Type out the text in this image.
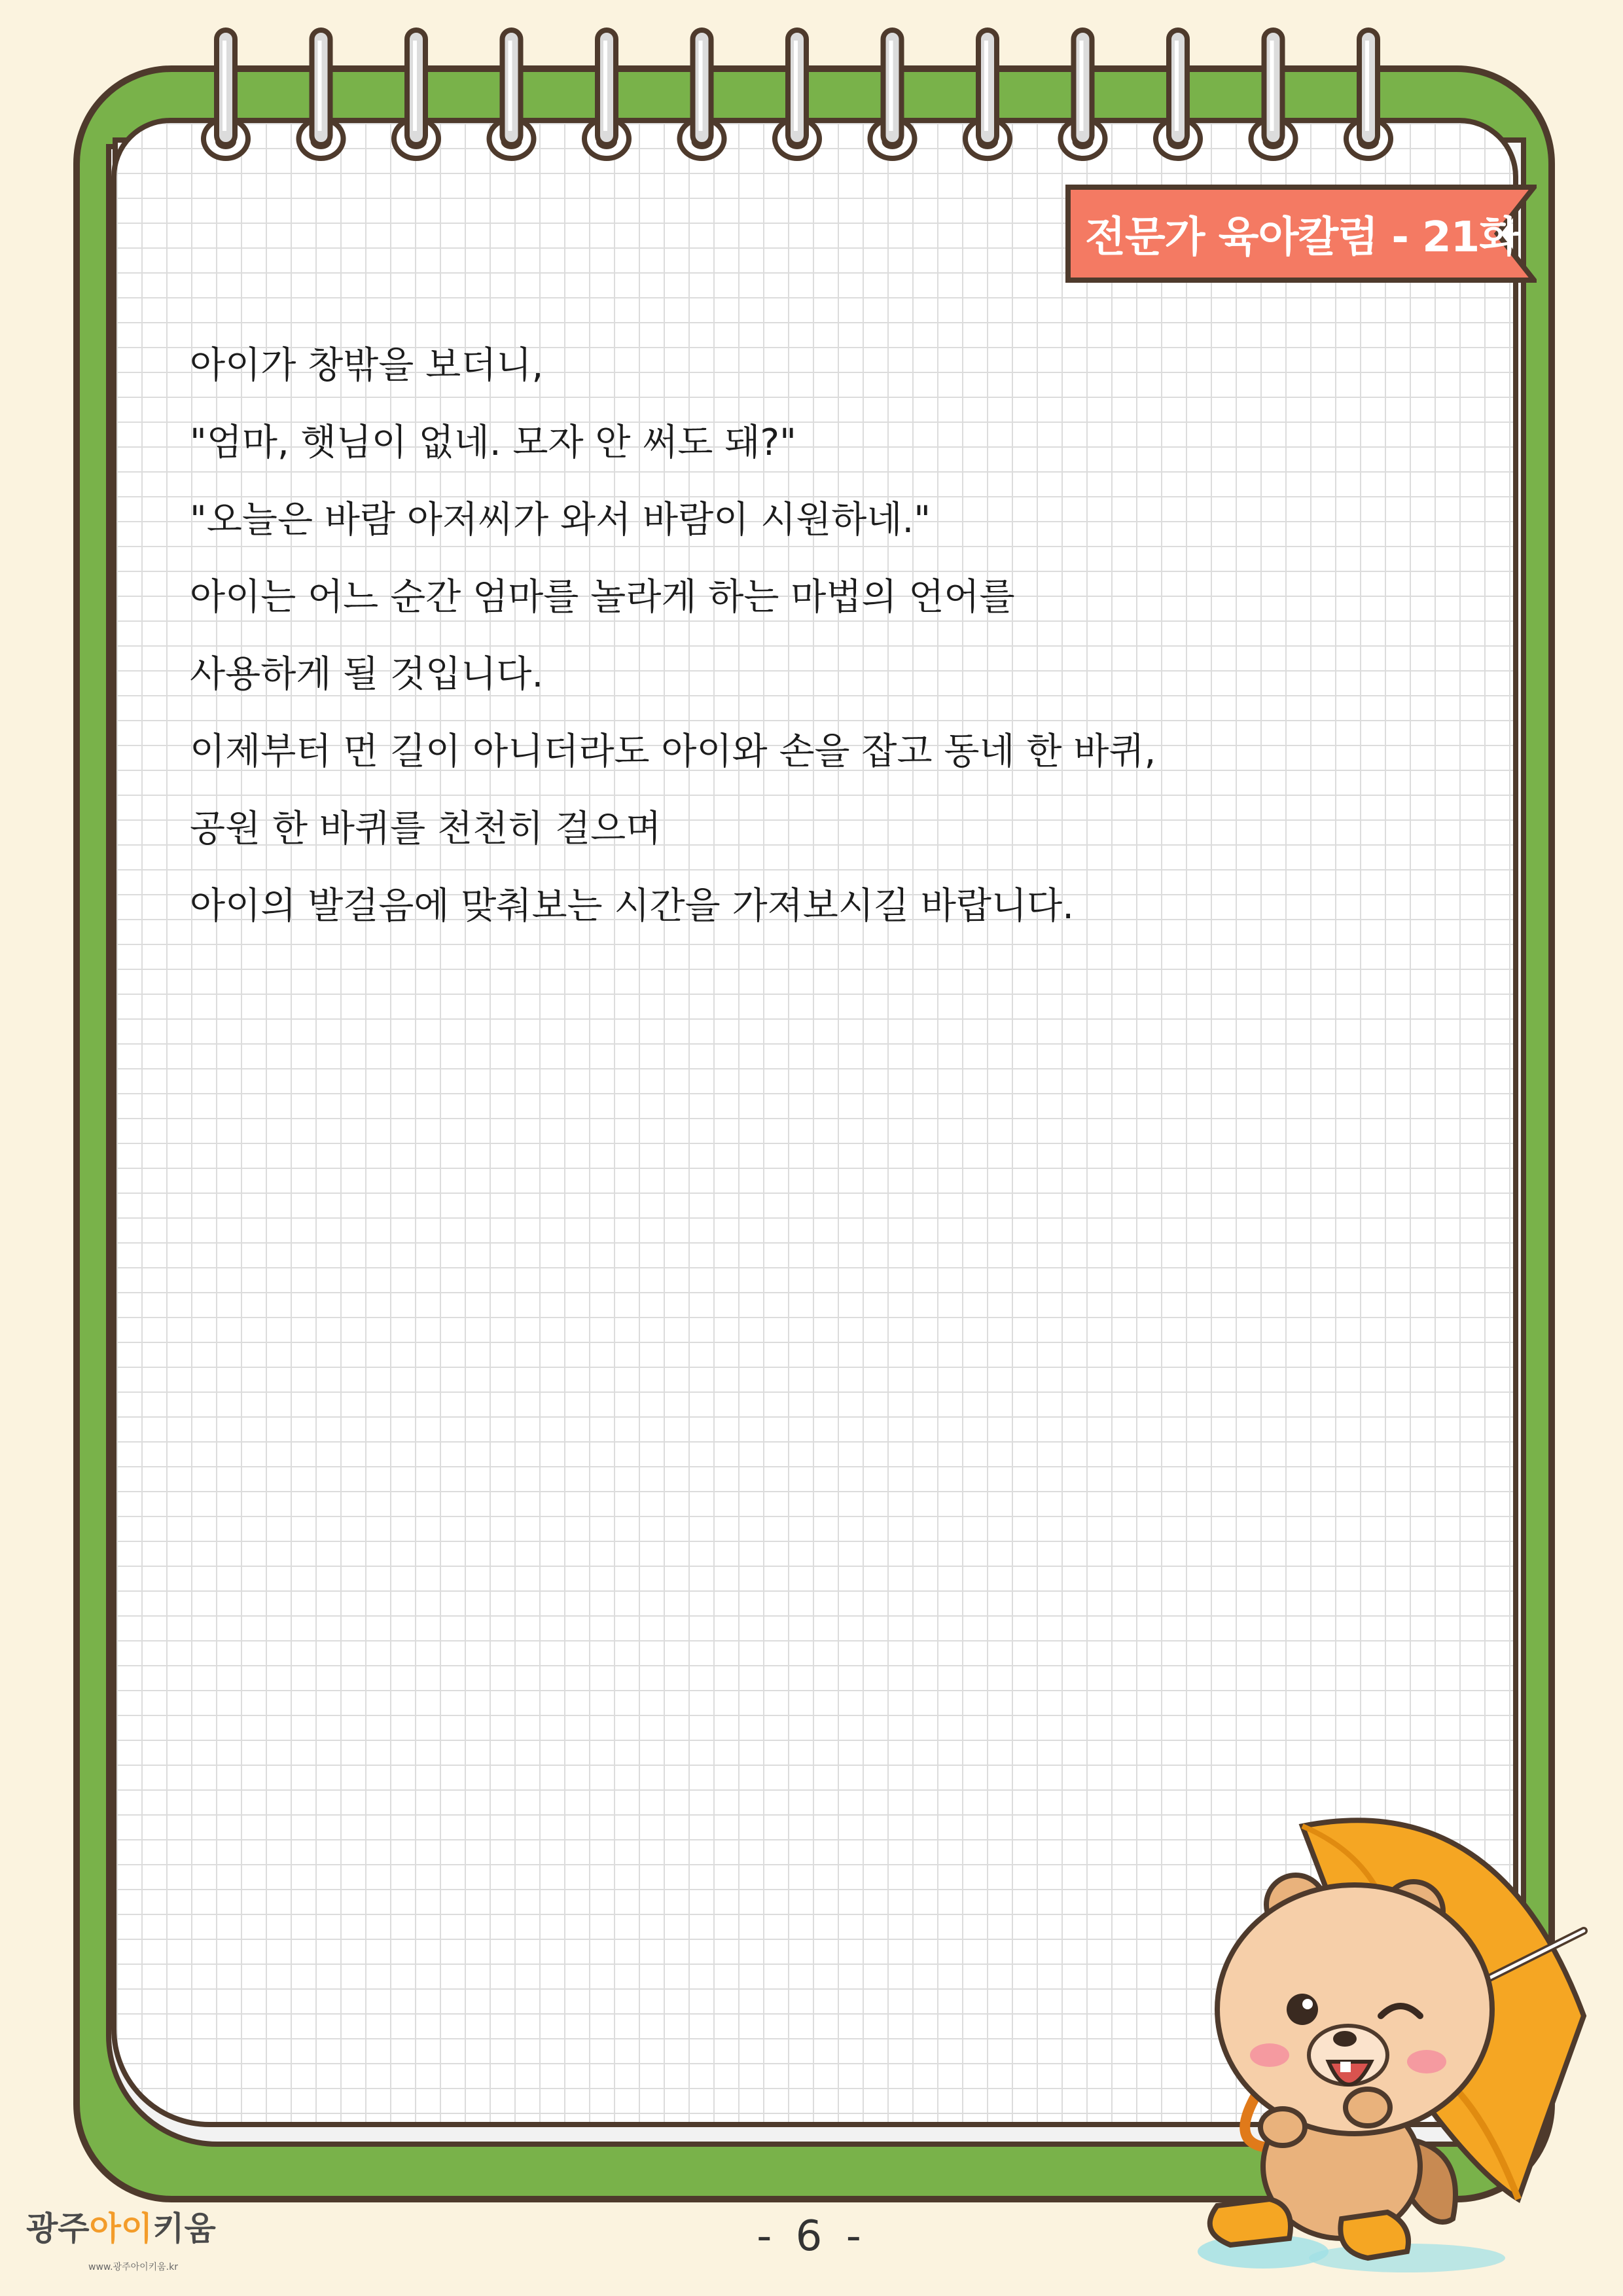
전문가 육아칼럼 - 21화
아이가 창밖을 보더니,
"엄마, 햇님이 없네. 모자 안 써도 돼?"
"오늘은 바람 아저씨가 와서 바람이 시원하네."
아이는 어느 순간 엄마를 놀라게 하는 마법의 언어를
사용하게 될 것입니다.
이제부터 먼 길이 아니더라도 아이와 손을 잡고 동네 한 바퀴,
공원 한 바퀴를 천천히 걸으며
아이의 발걸음에 맞춰보는 시간을 가져보시길 바랍니다.
광주아이키움
www.광주아이키움.kr
- 6 -
